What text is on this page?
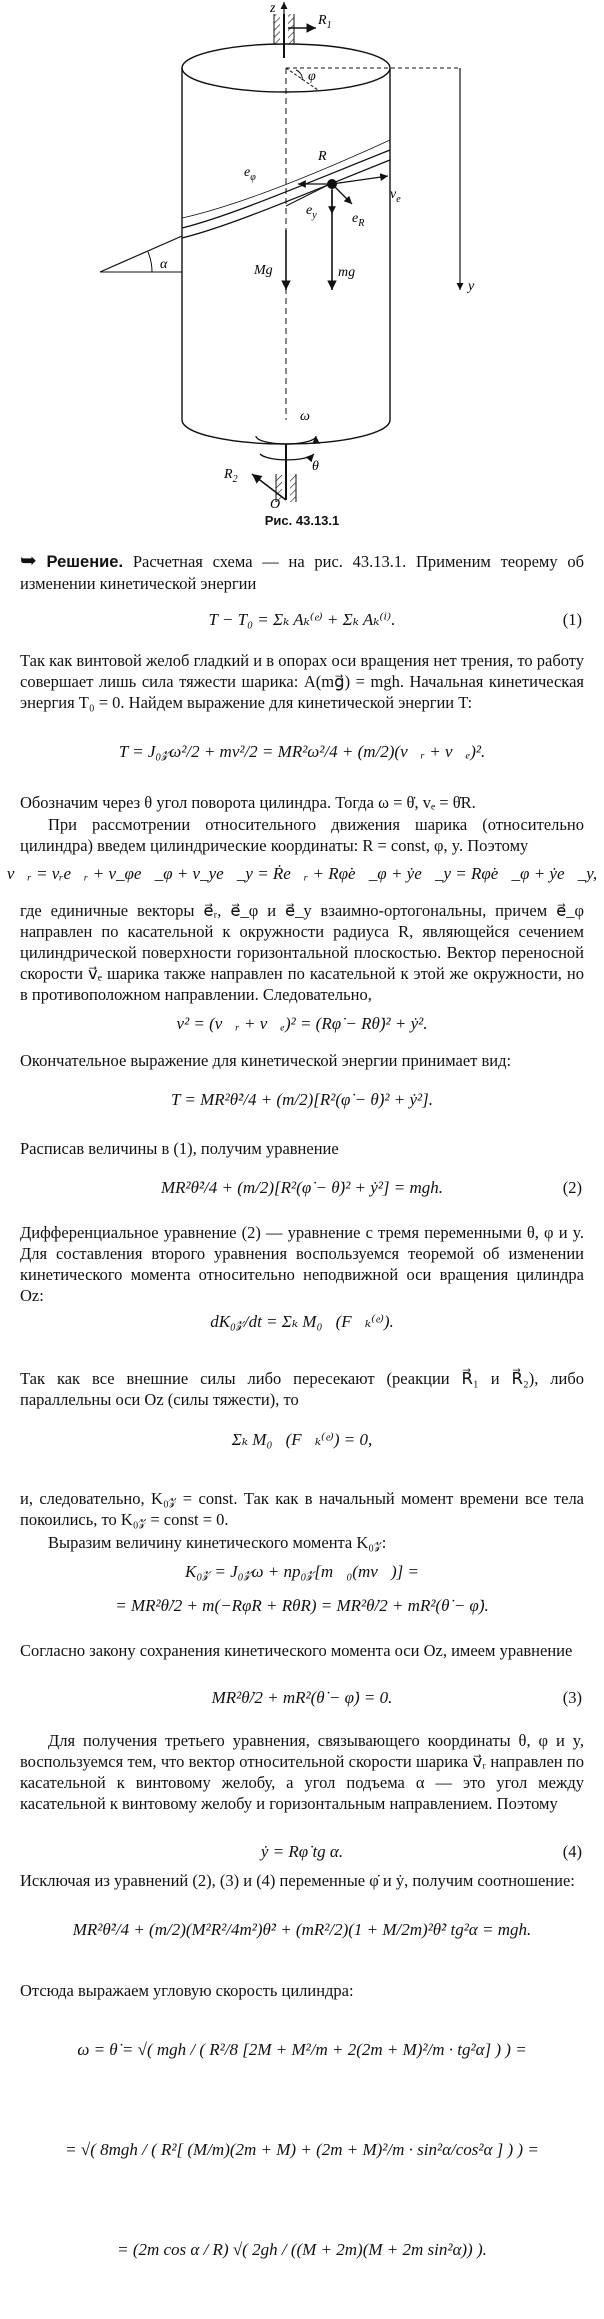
z
$R_1$
φ
y
R
$e_\varphi$
$v_e$
$e_y$	$e_R$
Mg	mg
α
ω
θ
$R_2$
O
Рис. 43.13.1
➥ Решение. Расчетная схема — на рис. 43.13.1. Применим теорему об изменении кинетической энергии
T − T₀ = Σₖ Aₖ⁽ᵉ⁾ + Σₖ Aₖ⁽ⁱ⁾.	(1)
Так как винтовой желоб гладкий и в опорах оси вращения нет трения, то работу совершает лишь сила тяжести шарика: A(mg⃗) = mgh. Начальная кинетическая энергия T₀ = 0. Найдем выражение для кинетической энергии T:
T = J₀𝓏ω²/2 + mv²/2 = MR²ω²/4 + (m/2)(v⃗ᵣ + v⃗ₑ)².
Обозначим через θ угол поворота цилиндра. Тогда ω = θ̇, vₑ = θ̇R.
При рассмотрении относительного движения шарика (относительно цилиндра) введем цилиндрические координаты: R = const, φ, y. Поэтому
v⃗ᵣ = vᵣe⃗ᵣ + v_φe⃗_φ + v_ye⃗_y = Ṙe⃗ᵣ + Rφ̇e⃗_φ + ẏe⃗_y = Rφ̇e⃗_φ + ẏe⃗_y,
где единичные векторы e⃗ᵣ, e⃗_φ и e⃗_y взаимно-ортогональны, причем e⃗_φ направлен по касательной к окружности радиуса R, являющейся сечением цилиндрической поверхности горизонтальной плоскостью. Вектор переносной скорости v⃗ₑ шарика также направлен по касательной к этой же окружности, но в противоположном направлении. Следовательно,
v² = (v⃗ᵣ + v⃗ₑ)² = (Rφ̇ − Rθ̇)² + ẏ².
Окончательное выражение для кинетической энергии принимает вид:
T = MR²θ̇²/4 + (m/2)[R²(φ̇ − θ̇)² + ẏ²].
Расписав величины в (1), получим уравнение
MR²θ̇²/4 + (m/2)[R²(φ̇ − θ̇)² + ẏ²] = mgh.	(2)
Дифференциальное уравнение (2) — уравнение с тремя переменными θ, φ и y. Для составления второго уравнения воспользуемся теоремой об изменении кинетического момента относительно неподвижной оси вращения цилиндра Oz:
dK₀𝓏/dt = Σₖ M₀𝓏(F⃗ₖ⁽ᵉ⁾).
Так как все внешние силы либо пересекают (реакции R⃗₁ и R⃗₂), либо параллельны оси Oz (силы тяжести), то
Σₖ M₀𝓏(F⃗ₖ⁽ᵉ⁾) = 0,
и, следовательно, K₀𝓏 = const. Так как в начальный момент времени все тела покоились, то K₀𝓏 = const = 0.
Выразим величину кинетического момента K₀𝓏:
K₀𝓏 = J₀𝓏ω + пр₀𝓏[m⃗₀(mv⃗)] =
= MR²θ̇/2 + m(−Rφ̇R + Rθ̇R) = MR²θ̇/2 + mR²(θ̇ − φ̇).
Согласно закону сохранения кинетического момента оси Oz, имеем уравнение
MR²θ̇/2 + mR²(θ̇ − φ̇) = 0.	(3)
Для получения третьего уравнения, связывающего координаты θ, φ и y, воспользуемся тем, что вектор относительной скорости шарика v⃗ᵣ направлен по касательной к винтовому желобу, а угол подъема α — это угол между касательной к винтовому желобу и горизонтальным направлением. Поэтому
ẏ = Rφ̇ tg α.	(4)
Исключая из уравнений (2), (3) и (4) переменные φ̇ и ẏ, получим соотношение:
MR²θ̇²/4 + (m/2)(M²R²/4m²)θ̇² + (mR²/2)(1 + M/2m)²θ̇² tg²α = mgh.
Отсюда выражаем угловую скорость цилиндра:
ω = θ̇ = √( mgh / ( R²/8 [2M + M²/m + 2(2m + M)²/m · tg²α] ) ) =
= √( 8mgh / ( R²[ (M/m)(2m + M) + (2m + M)²/m · sin²α/cos²α ] ) ) =
= (2m cos α / R) √( 2gh / ((M + 2m)(M + 2m sin²α)) ).
